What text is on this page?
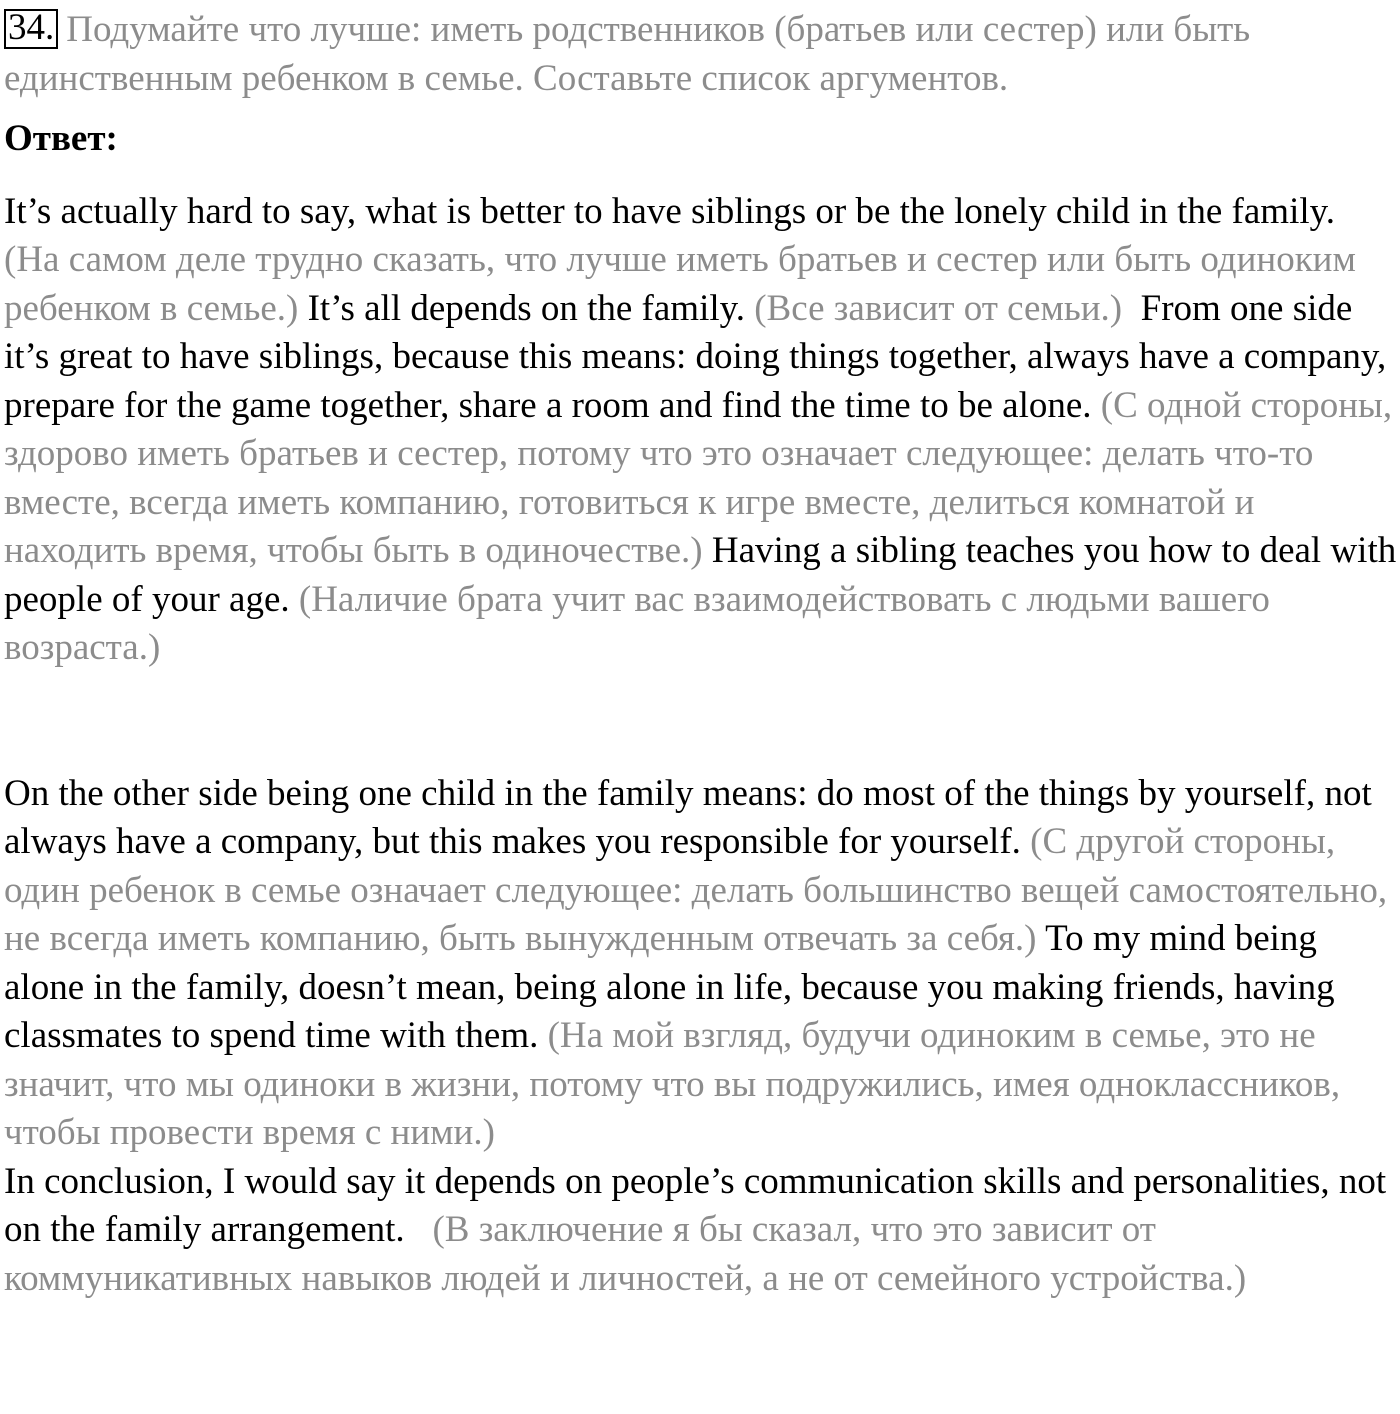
34. Подумайте что лучше: иметь родственников (братьев или сестер) или быть единственным ребенком в семье. Составьте список аргументов.

Ответ:

It’s actually hard to say, what is better to have siblings or be the lonely child in the family. (На самом деле трудно сказать, что лучше иметь братьев и сестер или быть одиноким ребенком в семье.) It’s all depends on the family. (Все зависит от семьи.) From one side it’s great to have siblings, because this means: doing things together, always have a company, prepare for the game together, share a room and find the time to be alone. (С одной стороны, здорово иметь братьев и сестер, потому что это означает следующее: делать что-то вместе, всегда иметь компанию, готовиться к игре вместе, делиться комнатой и находить время, чтобы быть в одиночестве.) Having a sibling teaches you how to deal with people of your age. (Наличие брата учит вас взаимодействовать с людьми вашего возраста.)

On the other side being one child in the family means: do most of the things by yourself, not always have a company, but this makes you responsible for yourself. (С другой стороны, один ребенок в семье означает следующее: делать большинство вещей самостоятельно, не всегда иметь компанию, быть вынужденным отвечать за себя.) To my mind being alone in the family, doesn’t mean, being alone in life, because you making friends, having classmates to spend time with them. (На мой взгляд, будучи одиноким в семье, это не значит, что мы одиноки в жизни, потому что вы подружились, имея одноклассников, чтобы провести время с ними.)

In conclusion, I would say it depends on people’s communication skills and personalities, not on the family arrangement. (В заключение я бы сказал, что это зависит от коммуникативных навыков людей и личностей, а не от семейного устройства.)
